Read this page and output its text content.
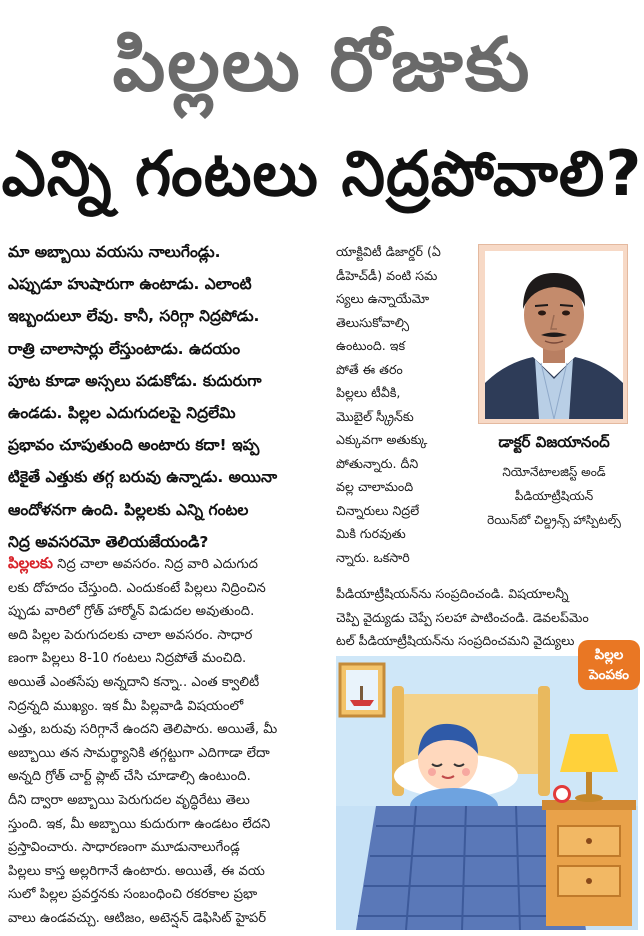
పిల్లలు రోజుకు
ఎన్ని గంటలు నిద్రపోవాలి?
మా అబ్బాయి వయసు నాలుగేండ్లు.
ఎప్పుడూ హుషారుగా ఉంటాడు. ఎలాంటి
ఇబ్బందులూ లేవు. కానీ, సరిగ్గా నిద్రపోడు.
రాత్రి చాలాసార్లు లేస్తుంటాడు. ఉదయం
పూట కూడా అస్సలు పడుకోడు. కుదురుగా
ఉండడు. పిల్లల ఎదుగుదలపై నిద్రలేమి
ప్రభావం చూపుతుంది అంటారు కదా! ఇప్ప
టికైతే ఎత్తుకు తగ్గ బరువు ఉన్నాడు. అయినా
ఆందోళనగా ఉంది. పిల్లలకు ఎన్ని గంటల
నిద్ర అవసరమో తెలియజేయండి?
పిల్లలకు నిద్ర చాలా అవసరం. నిద్ర వారి ఎదుగుద
లకు దోహదం చేస్తుంది. ఎందుకంటే పిల్లలు నిద్రించిన
ప్పుడు వారిలో గ్రోత్ హార్మోన్ విడుదల అవుతుంది.
అది పిల్లల పెరుగుదలకు చాలా అవసరం. సాధార
ణంగా పిల్లలు 8-10 గంటలు నిద్రపోతే మంచిది.
అయితే ఎంతసేపు అన్నదాని కన్నా.. ఎంత క్వాలిటీ
నిద్రన్నది ముఖ్యం. ఇక మీ పిల్లవాడి విషయంలో
ఎత్తు, బరువు సరిగ్గానే ఉందని తెలిపారు. అయితే, మీ
అబ్బాయి తన సామర్థ్యానికి తగ్గట్టుగా ఎదిగాడా లేదా
అన్నది గ్రోత్ చార్ట్ ప్లాట్ చేసి చూడాల్సి ఉంటుంది.
దీని ద్వారా అబ్బాయి పెరుగుదల వృద్ధిరేటు తెలు
స్తుంది. ఇక, మీ అబ్బాయి కుదురుగా ఉండటం లేదని
ప్రస్తావించారు. సాధారణంగా మూడునాలుగేండ్ల
పిల్లలు కాస్త అల్లరిగానే ఉంటారు. అయితే, ఈ వయ
సులో పిల్లల ప్రవర్తనకు సంబంధించి రకరకాల ప్రభా
వాలు ఉండవచ్చు. ఆటిజం, అటెన్షన్ డెఫిసిట్ హైపర్
యాక్టివిటీ డిజార్డర్ (ఏ
డీహెచ్‌డీ) వంటి సమ
స్యలు ఉన్నాయేమో
తెలుసుకోవాల్సి
ఉంటుంది. ఇక
పోతే ఈ తరం
పిల్లలు టీవీకి,
మొబైల్ స్క్రీన్‌కు
ఎక్కువగా అతుక్కు
పోతున్నారు. దీని
వల్ల చాలామంది
చిన్నారులు నిద్రలే
మికి గురవుతు
న్నారు. ఒకసారి
పీడియాట్రీషియన్‌ను సంప్రదించండి. విషయాలన్నీ
చెప్పి వైద్యుడు చెప్పే సలహా పాటించండి. డెవలప్‌మెం
టల్ పీడియాట్రీషియన్‌ను సంప్రదించమని వైద్యులు
డాక్టర్ విజయానంద్
నియోనేటాలజిస్ట్ అండ్
పీడియాట్రీషియన్
రెయిన్‌బో చిల్డ్రన్స్ హాస్పిటల్స్
పిల్లల
పెంపకం
